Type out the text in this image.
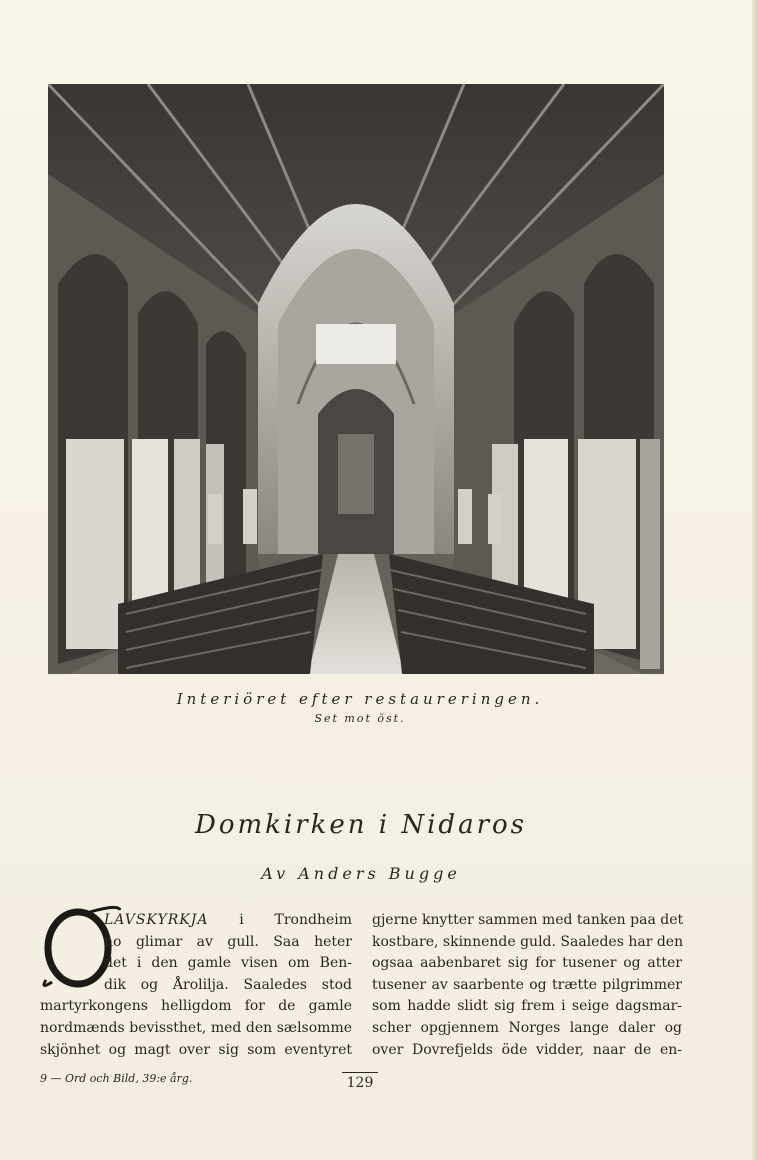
Interiöret efter restaureringen.
Set mot öst.
Domkirken i Nidaros
Av Anders Bugge
O
LAVSKYRKJA i Trondheim
ho glimar av gull. Saa heter
det i den gamle visen om Ben-
dik og Årolilja. Saaledes stod
martyrkongens helligdom for de gamle
nordmænds bevissthet, med den sælsomme
skjönhet og magt over sig som eventyret
gjerne knytter sammen med tanken paa det
kostbare, skinnende guld. Saaledes har den
ogsaa aabenbaret sig for tusener og atter
tusener av saarbente og trætte pilgrimmer
som hadde slidt sig frem i seige dagsmar-
scher opgjennem Norges lange daler og
over Dovrefjelds öde vidder, naar de en-
9 — Ord och Bild, 39:e årg.	129
